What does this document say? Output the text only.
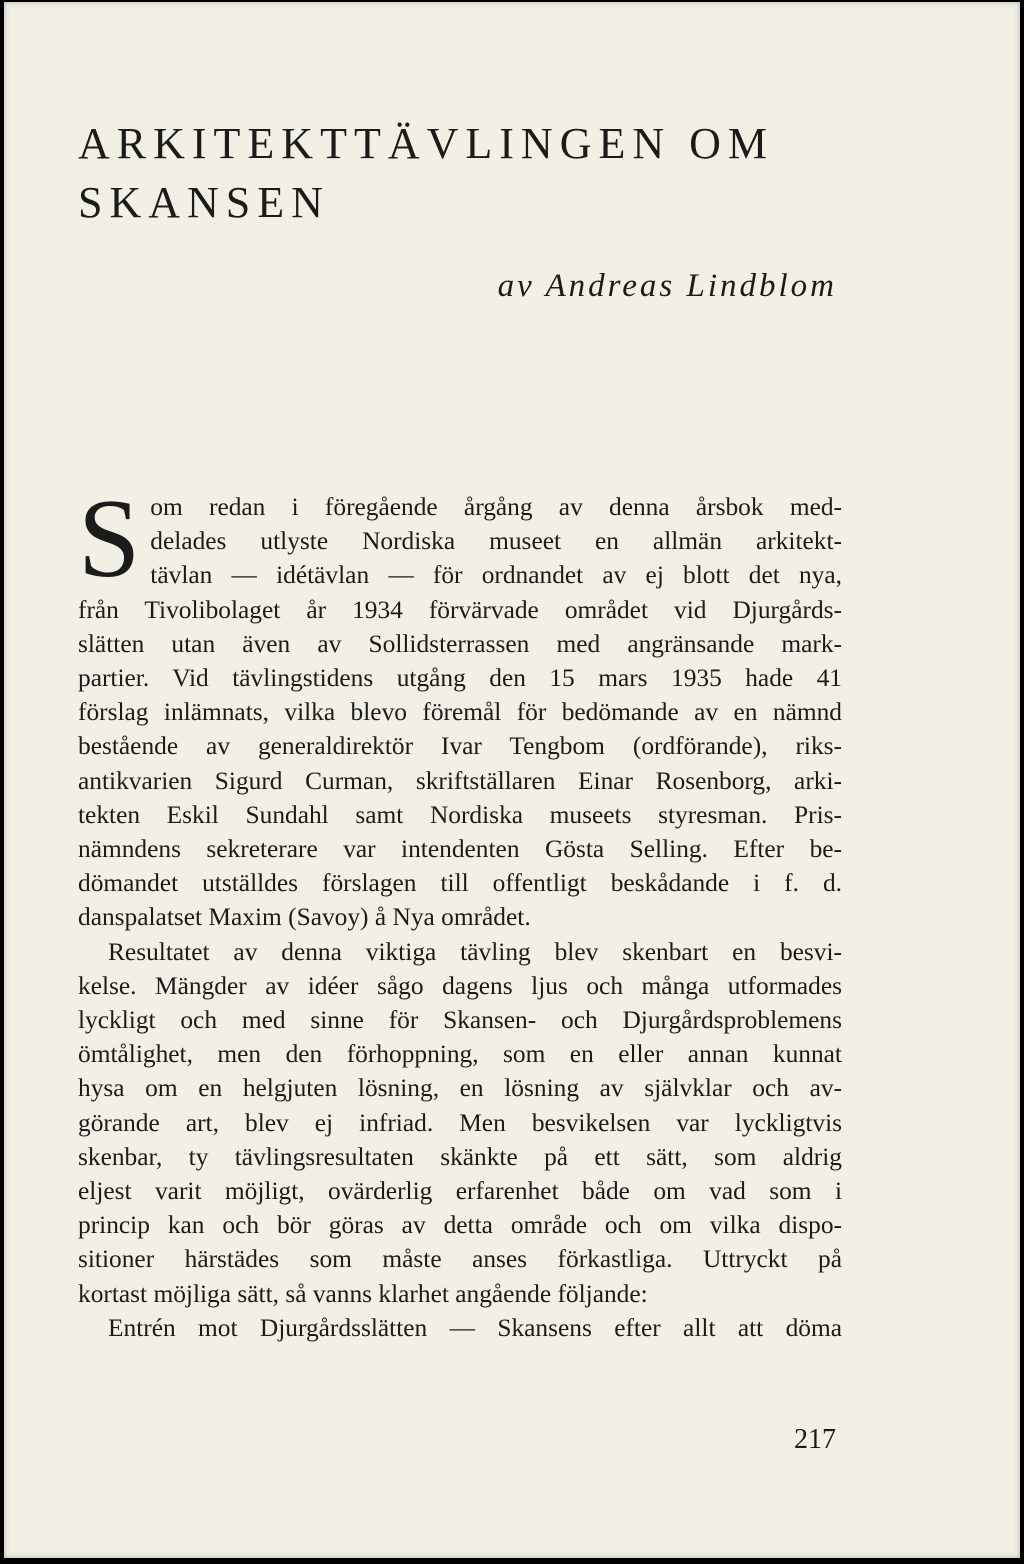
ARKITEKTTÄVLINGEN OM
SKANSEN
av Andreas Lindblom
S om redan i föregående årgång av denna årsbok med-

delades utlyste Nordiska museet en allmän arkitekt-

tävlan — idétävlan — för ordnandet av ej blott det nya,

från Tivolibolaget år 1934 förvärvade området vid Djurgårds-

slätten utan även av Sollidsterrassen med angränsande mark-

partier. Vid tävlingstidens utgång den 15 mars 1935 hade 41

förslag inlämnats, vilka blevo föremål för bedömande av en nämnd

bestående av generaldirektör Ivar Tengbom (ordförande), riks-

antikvarien Sigurd Curman, skriftställaren Einar Rosenborg, arki-

tekten Eskil Sundahl samt Nordiska museets styresman. Pris-

nämndens sekreterare var intendenten Gösta Selling. Efter be-

dömandet utställdes förslagen till offentligt beskådande i f. d.

danspalatset Maxim (Savoy) å Nya området.

Resultatet av denna viktiga tävling blev skenbart en besvi-

kelse. Mängder av idéer sågo dagens ljus och många utformades

lyckligt och med sinne för Skansen- och Djurgårdsproblemens

ömtålighet, men den förhoppning, som en eller annan kunnat

hysa om en helgjuten lösning, en lösning av självklar och av-

görande art, blev ej infriad. Men besvikelsen var lyckligtvis

skenbar, ty tävlingsresultaten skänkte på ett sätt, som aldrig

eljest varit möjligt, ovärderlig erfarenhet både om vad som i

princip kan och bör göras av detta område och om vilka dispo-

sitioner härstädes som måste anses förkastliga. Uttryckt på

kortast möjliga sätt, så vanns klarhet angående följande:

Entrén mot Djurgårdsslätten — Skansens efter allt att döma

217
